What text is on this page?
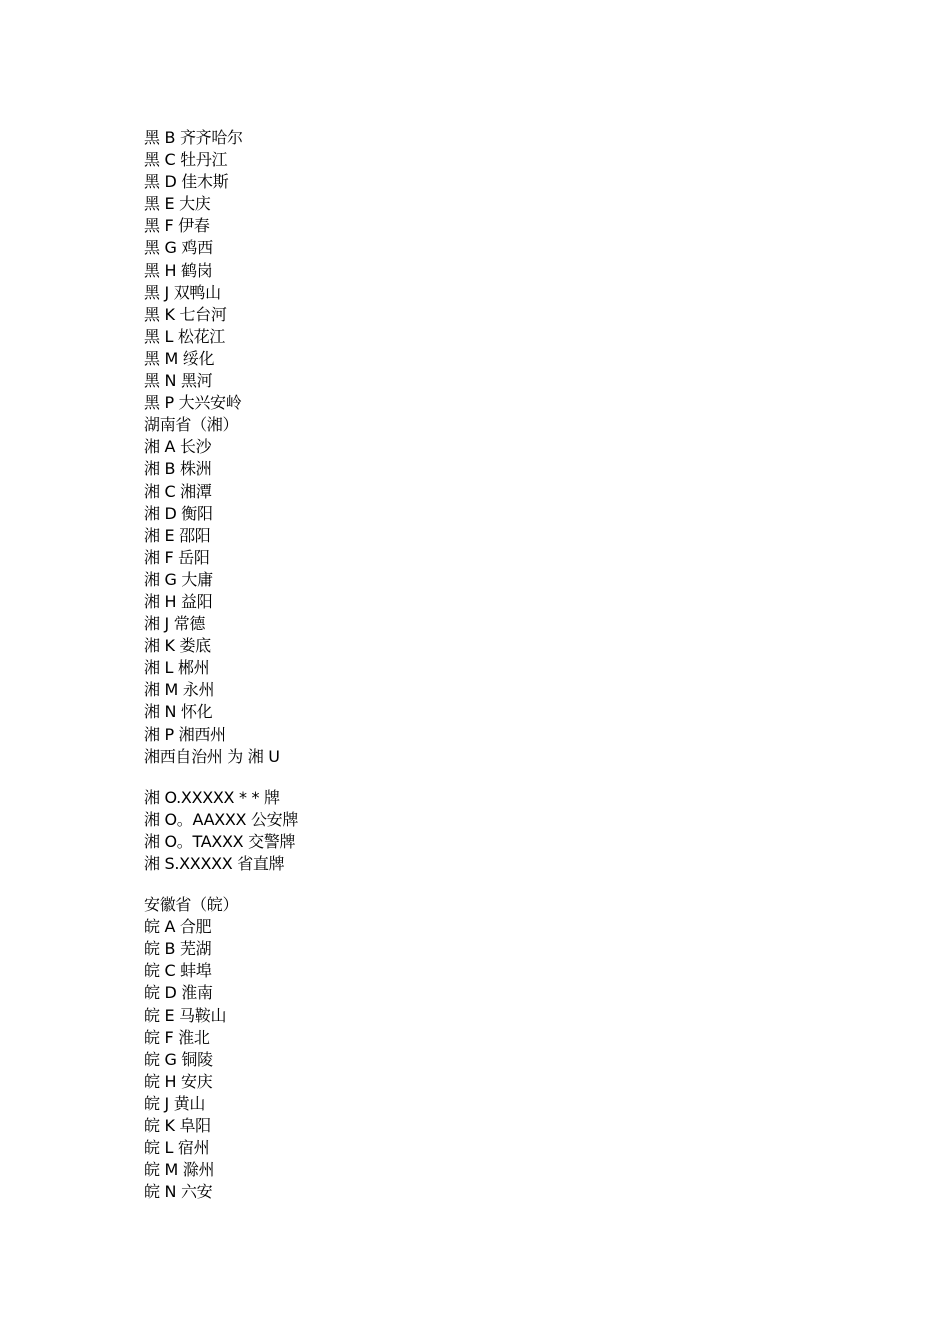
黑 B 齐齐哈尔
黑 C 牡丹江
黑 D 佳木斯
黑 E 大庆
黑 F 伊春
黑 G 鸡西
黑 H 鹤岗
黑 J 双鸭山
黑 K 七台河
黑 L 松花江
黑 M 绥化
黑 N 黑河
黑 P 大兴安岭
湖南省（湘）
湘 A 长沙
湘 B 株洲
湘 C 湘潭
湘 D 衡阳
湘 E 邵阳
湘 F 岳阳
湘 G 大庸
湘 H 益阳
湘 J 常德
湘 K 娄底
湘 L 郴州
湘 M 永州
湘 N 怀化
湘 P 湘西州
湘西自治州 为 湘 U
湘 O.XXXXX * * 牌
湘 O。AAXXX 公安牌
湘 O。TAXXX 交警牌
湘 S.XXXXX 省直牌
安徽省（皖）
皖 A 合肥
皖 B 芜湖
皖 C 蚌埠
皖 D 淮南
皖 E 马鞍山
皖 F 淮北
皖 G 铜陵
皖 H 安庆
皖 J 黄山
皖 K 阜阳
皖 L 宿州
皖 M 滁州
皖 N 六安
